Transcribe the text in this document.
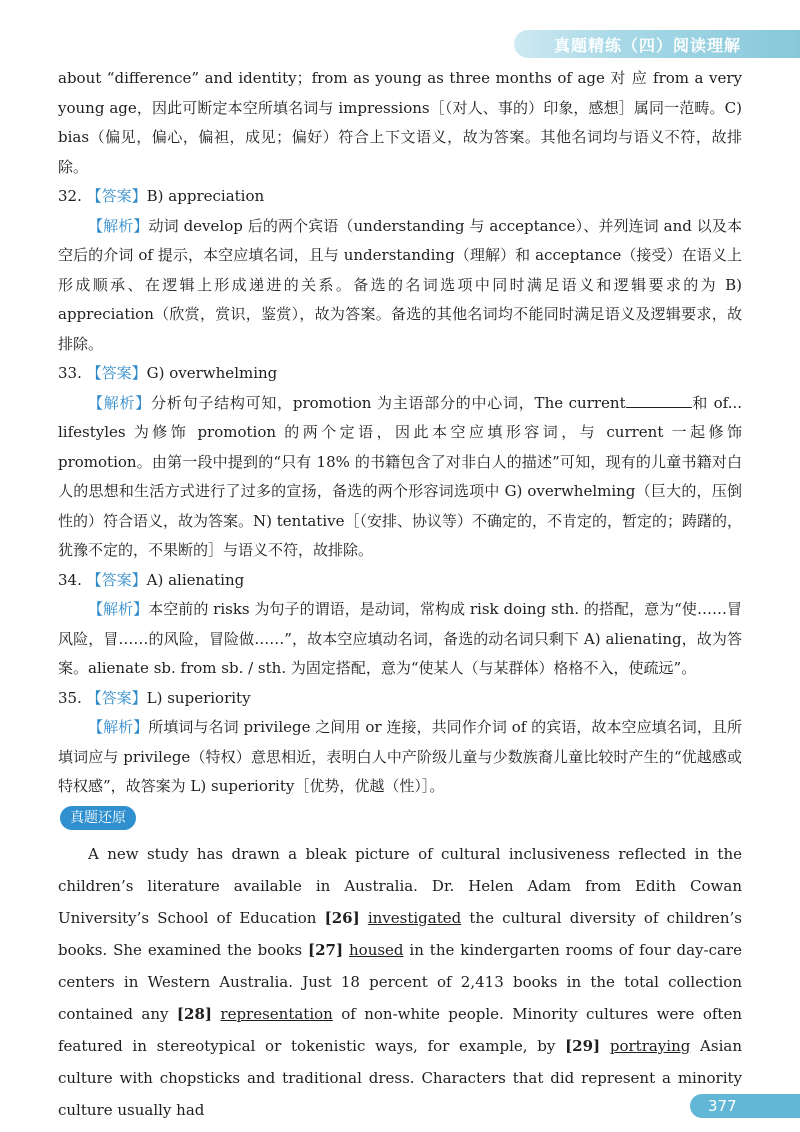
真题精练（四）阅读理解

about “difference” and identity；from as young as three months of age 对 应 from a very young age，因此可断定本空所填名词与 impressions［（对人、事的）印象，感想］属同一范畴。C) bias（偏见，偏心，偏袒，成见；偏好）符合上下文语义，故为答案。其他名词均与语义不符，故排除。

32. 【答案】B) appreciation

【解析】动词 develop 后的两个宾语（understanding 与 acceptance）、并列连词 and 以及本空后的介词 of 提示，本空应填名词，且与 understanding（理解）和 acceptance（接受）在语义上形成顺承、在逻辑上形成递进的关系。备选的名词选项中同时满足语义和逻辑要求的为 B) appreciation（欣赏，赏识，鉴赏），故为答案。备选的其他名词均不能同时满足语义及逻辑要求，故排除。

33. 【答案】G) overwhelming

【解析】分析句子结构可知，promotion 为主语部分的中心词，The current	和 of... lifestyles 为修饰 promotion 的两个定语，因此本空应填形容词，与 current 一起修饰 promotion。由第一段中提到的“只有 18% 的书籍包含了对非白人的描述”可知，现有的儿童书籍对白人的思想和生活方式进行了过多的宣扬，备选的两个形容词选项中 G) overwhelming（巨大的，压倒性的）符合语义，故为答案。N) tentative［（安排、协议等）不确定的，不肯定的，暂定的；踌躇的，犹豫不定的，不果断的］与语义不符，故排除。

34. 【答案】A) alienating

【解析】本空前的 risks 为句子的谓语，是动词，常构成 risk doing sth. 的搭配，意为“使……冒风险，冒……的风险，冒险做……”，故本空应填动名词，备选的动名词只剩下 A) alienating，故为答案。alienate sb. from sb. / sth. 为固定搭配，意为“使某人（与某群体）格格不入，使疏远”。

35. 【答案】L) superiority

【解析】所填词与名词 privilege 之间用 or 连接，共同作介词 of 的宾语，故本空应填名词，且所填词应与 privilege（特权）意思相近，表明白人中产阶级儿童与少数族裔儿童比较时产生的“优越感或特权感”，故答案为 L) superiority［优势，优越（性）］。

真题还原

A new study has drawn a bleak picture of cultural inclusiveness reflected in the children’s literature available in Australia. Dr. Helen Adam from Edith Cowan University’s School of Education [26] investigated the cultural diversity of children’s books. She examined the books [27] housed in the kindergarten rooms of four day-care centers in Western Australia. Just 18 percent of 2,413 books in the total collection contained any [28] representation of non-white people. Minority cultures were often featured in stereotypical or tokenistic ways, for example, by [29] portraying Asian culture with chopsticks and traditional dress. Characters that did represent a minority culture usually had	377
